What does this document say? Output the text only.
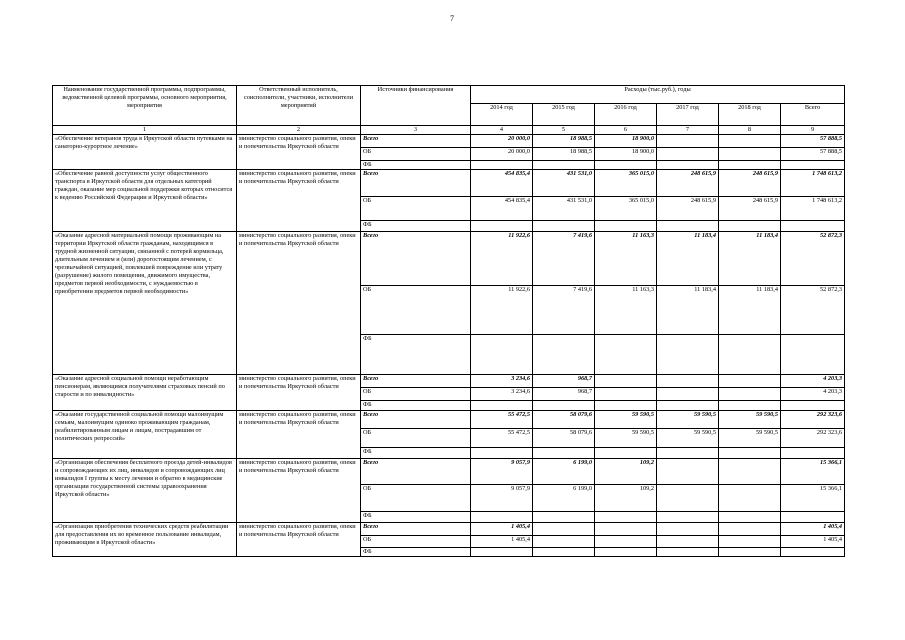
7
Наименование государственной программы, подпрограммы, ведомственной целевой программы, основного мероприятия, мероприятия	Ответственный исполнитель, соисполнители, участники, исполнители мероприятий	Источники финансирования	Расходы (тыс.руб.), годы					
			2014 год	2015 год	2016 год	2017 год	2018 год	Всего
1	2	3	4	5	6	7	8	9
«Обеспечение ветеранов труда в Иркутской области путевками на санаторно-курортное лечение»	министерство социального развития, опеки и попечительства Иркутской области	Всего	20 000,0	18 988,5	18 900,0			57 888,5
		ОБ	20 000,0	18 988,5	18 900,0			57 888,5
		ФБ						
«Обеспечение равной доступности услуг общественного транспорта в Иркутской области для отдельных категорий граждан, оказание мер социальной поддержки которых относится к ведению Российской Федерации и Иркутской области»	министерство социального развития, опеки и попечительства Иркутской области	Всего	454 835,4	431 531,0	365 015,0	248 615,9	248 615,9	1 748 613,2
		ОБ	454 835,4	431 531,0	365 015,0	248 615,9	248 615,9	1 748 613,2
		ФБ						
«Оказание адресной материальной помощи проживающим на территории Иркутской области гражданам, находящимся в трудной жизненной ситуации, связанной с потерей кормильца, длительным лечением и (или) дорогостоящим лечением, с чрезвычайной ситуацией, повлекшей повреждение или утрату (разрушение) жилого помещения, движимого имущества, предметов первой необходимости, с нуждаемостью в приобретении предметов первой необходимости»	министерство социального развития, опеки и попечительства Иркутской области	Всего	11 922,6	7 419,6	11 163,3	11 183,4	11 183,4	52 872,3
		ОБ	11 922,6	7 419,6	11 163,3	11 183,4	11 183,4	52 872,3
		ФБ						
«Оказание адресной социальной помощи неработающим пенсионерам, являющимся получателями страховых пенсий по старости и по инвалидности»	министерство социального развития, опеки и попечительства Иркутской области	Всего	3 234,6	968,7				4 203,3
		ОБ	3 234,6	968,7				4 203,3
		ФБ						
«Оказание государственной социальной помощи малоимущим семьям, малоимущим одиноко проживающим гражданам, реабилитированным лицам и лицам, пострадавшим от политических репрессий»	министерство социального развития, опеки и попечительства Иркутской области	Всего	55 472,5	58 079,6	59 590,5	59 590,5	59 590,5	292 323,6
		ОБ	55 472,5	58 079,6	59 590,5	59 590,5	59 590,5	292 323,6
		ФБ						
«Организация обеспечения бесплатного проезда детей-инвалидов и сопровождающих их лиц, инвалидов и сопровождающих лиц инвалидов I группы к месту лечения и обратно в медицинские организации государственной системы здравоохранения Иркутской области»	министерство социального развития, опеки и попечительства Иркутской области	Всего	9 057,9	6 199,0	109,2			15 366,1
		ОБ	9 057,9	6 199,0	109,2			15 366,1
		ФБ						
«Организация приобретения технических средств реабилитации для предоставления их во временное пользование инвалидам, проживающим в Иркутской области»	министерство социального развития, опеки и попечительства Иркутской области	Всего	1 405,4					1 405,4
		ОБ	1 405,4					1 405,4
		ФБ						
